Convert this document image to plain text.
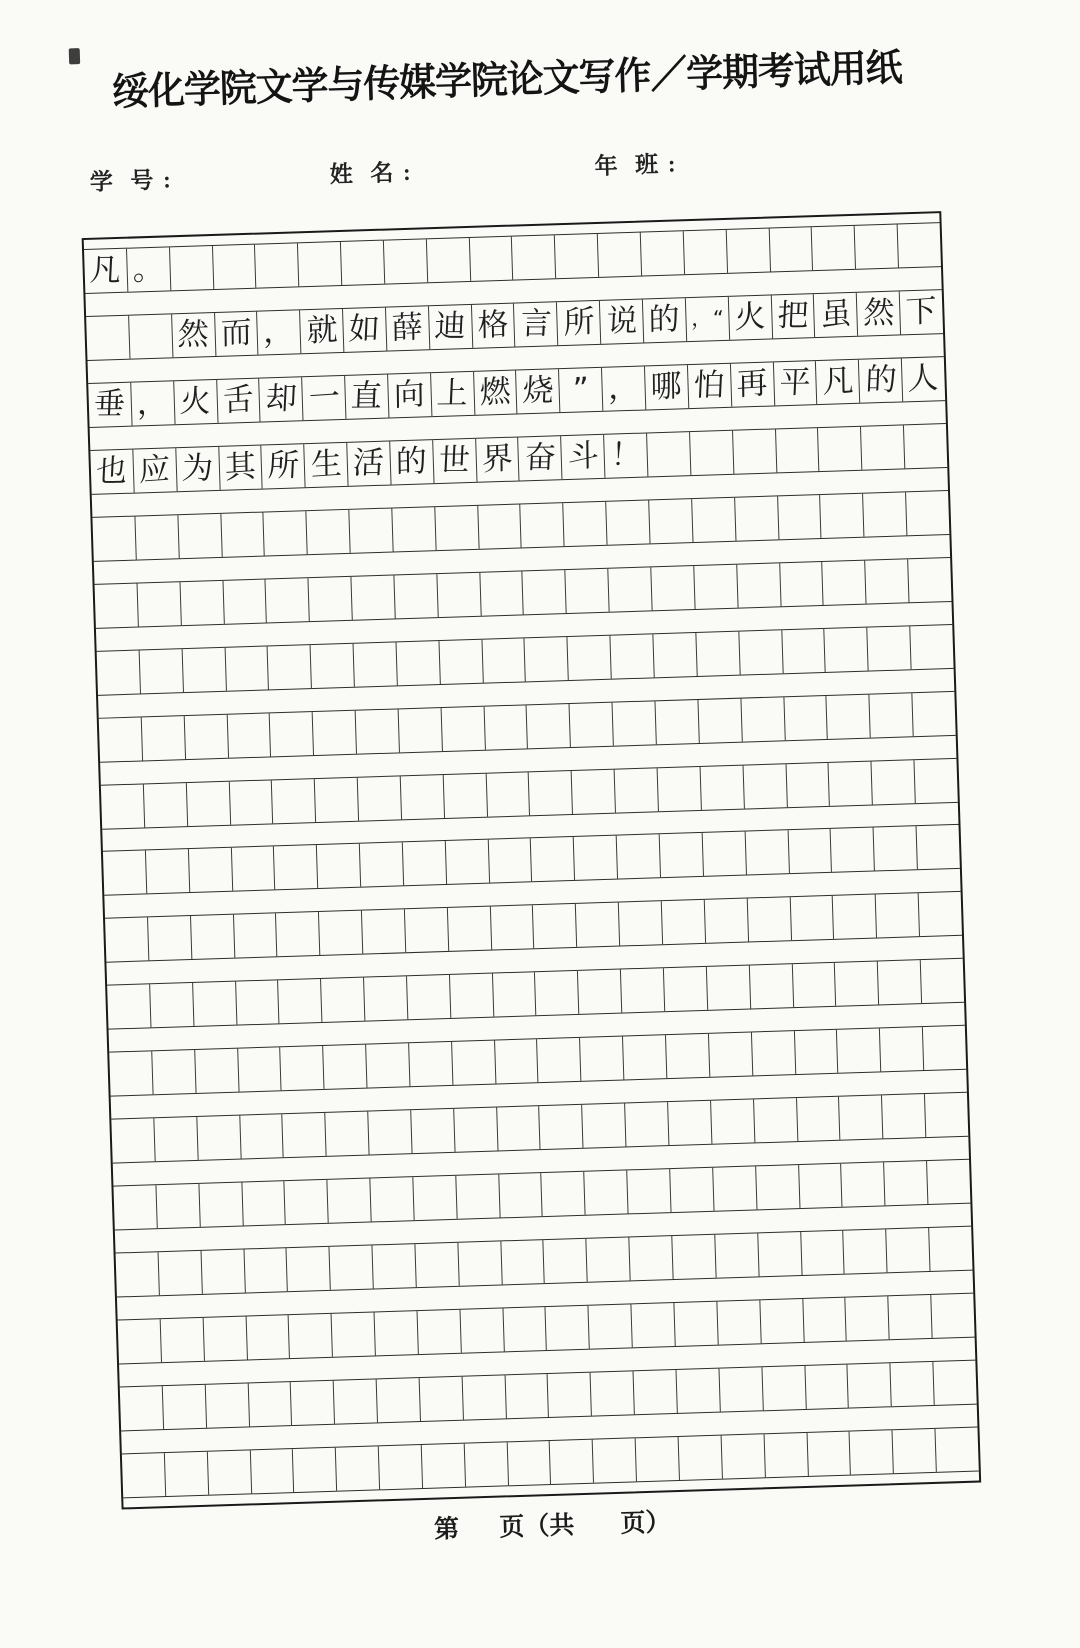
绥化学院文学与传媒学院论文写作／学期考试用纸
学  号 :	姓  名 :	年  班 :
凡 。
然 而 ， 就 如 薛 迪 格 言 所 说 的 ，“ 火 把 虽 然 下
垂 ， 火 舌 却 一 直 向 上 燃 烧 ” ， 哪 怕 再 平 凡 的 人
也 应 为 其 所 生 活 的 世 界 奋 斗 ！
第 页（共 页）
